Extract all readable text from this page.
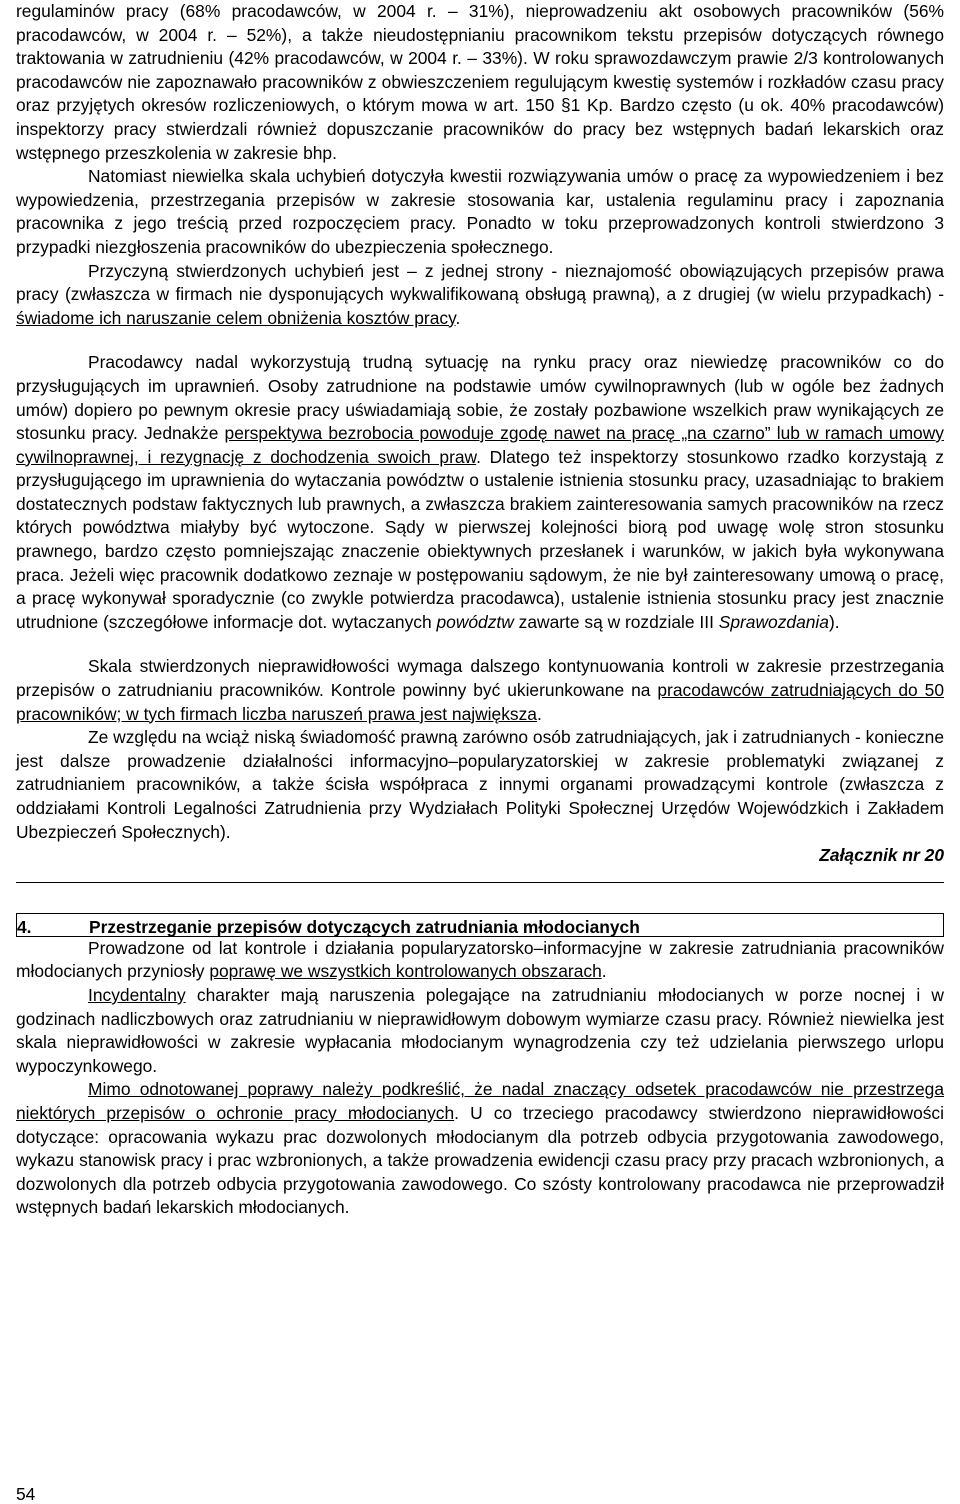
regulaminów pracy (68% pracodawców, w 2004 r. – 31%), nieprowadzeniu akt osobowych pracowników (56% pracodawców, w 2004 r. – 52%), a także nieudostępnianiu pracownikom tekstu przepisów dotyczących równego traktowania w zatrudnieniu (42% pracodawców, w 2004 r. – 33%). W roku sprawozdawczym prawie 2/3 kontrolowanych pracodawców nie zapoznawało pracowników z obwieszczeniem regulującym kwestię systemów i rozkładów czasu pracy oraz przyjętych okresów rozliczeniowych, o którym mowa w art. 150 §1 Kp. Bardzo często (u ok. 40% pracodawców) inspektorzy pracy stwierdzali również dopuszczanie pracowników do pracy bez wstępnych badań lekarskich oraz wstępnego przeszkolenia w zakresie bhp.

Natomiast niewielka skala uchybień dotyczyła kwestii rozwiązywania umów o pracę za wypowiedzeniem i bez wypowiedzenia, przestrzegania przepisów w zakresie stosowania kar, ustalenia regulaminu pracy i zapoznania pracownika z jego treścią przed rozpoczęciem pracy. Ponadto w toku przeprowadzonych kontroli stwierdzono 3 przypadki niezgłoszenia pracowników do ubezpieczenia społecznego.

Przyczyną stwierdzonych uchybień jest – z jednej strony - nieznajomość obowiązujących przepisów prawa pracy (zwłaszcza w firmach nie dysponujących wykwalifikowaną obsługą prawną), a z drugiej (w wielu przypadkach) - świadome ich naruszanie celem obniżenia kosztów pracy.

Pracodawcy nadal wykorzystują trudną sytuację na rynku pracy oraz niewiedzę pracowników co do przysługujących im uprawnień. Osoby zatrudnione na podstawie umów cywilnoprawnych (lub w ogóle bez żadnych umów) dopiero po pewnym okresie pracy uświadamiają sobie, że zostały pozbawione wszelkich praw wynikających ze stosunku pracy. Jednakże perspektywa bezrobocia powoduje zgodę nawet na pracę „na czarno” lub w ramach umowy cywilnoprawnej, i rezygnację z dochodzenia swoich praw. Dlatego też inspektorzy stosunkowo rzadko korzystają z przysługującego im uprawnienia do wytaczania powództw o ustalenie istnienia stosunku pracy, uzasadniając to brakiem dostatecznych podstaw faktycznych lub prawnych, a zwłaszcza brakiem zainteresowania samych pracowników na rzecz których powództwa miałyby być wytoczone. Sądy w pierwszej kolejności biorą pod uwagę wolę stron stosunku prawnego, bardzo często pomniejszając znaczenie obiektywnych przesłanek i warunków, w jakich była wykonywana praca. Jeżeli więc pracownik dodatkowo zeznaje w postępowaniu sądowym, że nie był zainteresowany umową o pracę, a pracę wykonywał sporadycznie (co zwykle potwierdza pracodawca), ustalenie istnienia stosunku pracy jest znacznie utrudnione (szczegółowe informacje dot. wytaczanych powództw zawarte są w rozdziale III Sprawozdania).

Skala stwierdzonych nieprawidłowości wymaga dalszego kontynuowania kontroli w zakresie przestrzegania przepisów o zatrudnianiu pracowników. Kontrole powinny być ukierunkowane na pracodawców zatrudniających do 50 pracowników; w tych firmach liczba naruszeń prawa jest największa.

Ze względu na wciąż niską świadomość prawną zarówno osób zatrudniających, jak i zatrudnianych - konieczne jest dalsze prowadzenie działalności informacyjno–popularyzatorskiej w zakresie problematyki związanej z zatrudnianiem pracowników, a także ścisła współpraca z innymi organami prowadzącymi kontrole (zwłaszcza z oddziałami Kontroli Legalności Zatrudnienia przy Wydziałach Polityki Społecznej Urzędów Wojewódzkich i Zakładem Ubezpieczeń Społecznych).

Załącznik nr 20

4.	Przestrzeganie przepisów dotyczących zatrudniania młodocianych

Prowadzone od lat kontrole i działania popularyzatorsko–informacyjne w zakresie zatrudniania pracowników młodocianych przyniosły poprawę we wszystkich kontrolowanych obszarach.

Incydentalny charakter mają naruszenia polegające na zatrudnianiu młodocianych w porze nocnej i w godzinach nadliczbowych oraz zatrudnianiu w nieprawidłowym dobowym wymiarze czasu pracy. Również niewielka jest skala nieprawidłowości w zakresie wypłacania młodocianym wynagrodzenia czy też udzielania pierwszego urlopu wypoczynkowego.

Mimo odnotowanej poprawy należy podkreślić, że nadal znaczący odsetek pracodawców nie przestrzega niektórych przepisów o ochronie pracy młodocianych. U co trzeciego pracodawcy stwierdzono nieprawidłowości dotyczące: opracowania wykazu prac dozwolonych młodocianym dla potrzeb odbycia przygotowania zawodowego, wykazu stanowisk pracy i prac wzbronionych, a także prowadzenia ewidencji czasu pracy przy pracach wzbronionych, a dozwolonych dla potrzeb odbycia przygotowania zawodowego. Co szósty kontrolowany pracodawca nie przeprowadził wstępnych badań lekarskich młodocianych.

54
